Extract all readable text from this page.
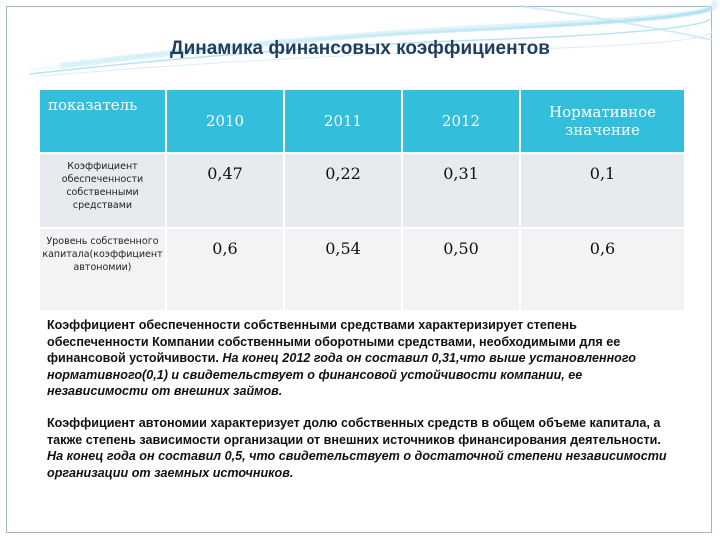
Динамика финансовых коэффициентов
показатель	2010	2011	2012	Нормативное значение
Коэффициент обеспеченности собственными средствами	0,47	0,22	0,31	0,1
Уровень собственного капитала(коэффициент автономии)	0,6	0,54	0,50	0,6
Коэффициент обеспеченности собственными средствами характеризирует степень обеспеченности Компании собственными оборотными средствами, необходимыми для ее финансовой устойчивости. На конец 2012 года он составил 0,31,что выше установленного нормативного(0,1) и свидетельствует о финансовой устойчивости компании, ее независимости от внешних займов.
Коэффициент автономии характеризует долю собственных средств в общем объеме капитала, а также степень зависимости организации от внешних источников финансирования деятельности. На конец года он составил 0,5, что свидетельствует о достаточной степени независимости организации от заемных источников.
